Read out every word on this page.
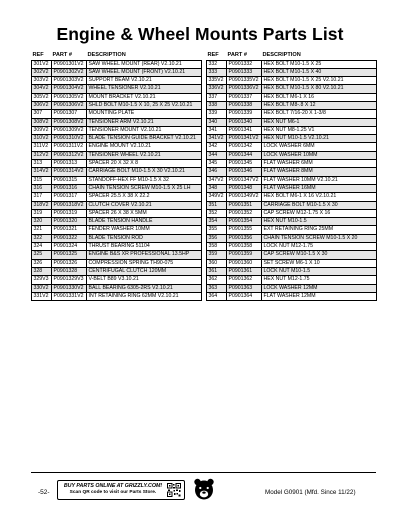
Engine & Wheel Mounts Parts List
REF	PART #	DESCRIPTION
301V2	P0901301V2	SAW WHEEL MOUNT (REAR) V2.10.21
302V2	P0901302V2	SAW WHEEL MOUNT (FRONT) V2.10.21
303V2	P0901303V2	SUPPORT BEAM V2.10.21
304V2	P0901304V2	WHEEL TENSIONER V2.10.21
305V2	P0901305V2	MOUNT BRACKET V2.10.21
306V2	P0901306V2	SHLD BOLT M10-1.5 X 10, 25 X 25 V2.10.21
307	P0901307	MOUNTING PLATE
308V2	P0901308V2	TENSIONER ARM V2.10.21
309V2	P0901309V2	TENSIONER MOUNT V2.10.21
310V2	P0901310V2	BLADE TENSION GUIDE BRACKET V2.10.21
311V2	P0901311V2	ENGINE MOUNT V2.10.21
312V2	P0901312V2	TENSIONER WHEEL V2.10.21
313	P0901313	SPACER 20 X 32 X 8
314V2	P0901314V2	CARRIAGE BOLT M10-1.5 X 30 V2.10.21
315	P0901315	STANDOFF-HEX FF M10-1.5 X 32
316	P0901316	CHAIN TENSION SCREW M10-1.5 X 25 LH
317	P0901317	SPACER 25.5 X 38 X 22.2
318V2	P0901318V2	CLUTCH COVER V2.10.21
319	P0901319	SPACER 26 X 38 X 5MM
320	P0901320	BLADE TENSION HANDLE
321	P0901321	FENDER WASHER 10MM
322	P0901322	BLADE TENSION ROD
324	P0901324	THRUST BEARING 51104
325	P0901325	ENGINE B&S XR PROFESSIONAL 13.5HP
326	P0901326	COMPRESSION SPRING TH90-075
328	P0901328	CENTRIFUGAL CLUTCH 120MM
329V3	P0901329V3	V-BELT B89 V3.10.21
330V2	P0901330V2	BALL BEARING 6305-2RS V2.10.21
331V2	P0901331V2	INT RETAINING RING 62MM V2.10.21
REF	PART #	DESCRIPTION
332	P0901332	HEX BOLT M10-1.5 X 25
333	P0901333	HEX BOLT M10-1.5 X 40
335V2	P0901335V2	HEX BOLT M10-1.5 X 25 V2.10.21
336V2	P0901336V2	HEX BOLT M10-1.5 X 80 V2.10.21
337	P0901337	HEX BOLT M6-1 X 16
338	P0901338	HEX BOLT M8-.8 X 12
339	P0901339	HEX BOLT 7/16-20 X 1-3/8
340	P0901340	HEX NUT M6-1
341	P0901341	HEX NUT M8-1.25 V1
341V2	P0901341V2	HEX NUT M10-1.5 V2.10.21
342	P0901342	LOCK WASHER 6MM
344	P0901344	LOCK WASHER 10MM
345	P0901345	FLAT WASHER 6MM
346	P0901346	FLAT WASHER 8MM
347V2	P0901347V2	FLAT WASHER 10MM V2.10.21
348	P0901348	FLAT WASHER 16MM
349V2	P0901349V2	HEX BOLT M6-1 X 16 V2.10.21
351	P0901351	CARRIAGE BOLT M10-1.5 X 30
352	P0901352	CAP SCREW M12-1.75 X 16
354	P0901354	HEX NUT M10-1.5
355	P0901355	EXT RETAINING RING 25MM
356	P0901356	CHAIN TENSION SCREW M10-1.5 X 20
358	P0901358	LOCK NUT M12-1.75
359	P0901359	CAP SCREW M10-1.5 X 30
360	P0901360	SET SCREW M6-1 X 10
361	P0901361	LOCK NUT M10-1.5
362	P0901362	HEX NUT M12-1.75
363	P0901363	LOCK WASHER 12MM
364	P0901364	FLAT WASHER 12MM
-52-
BUY PARTS ONLINE AT GRIZZLY.COM!
Scan QR code to visit our Parts Store.	Model G0901 (Mfd. Since 11/22)
